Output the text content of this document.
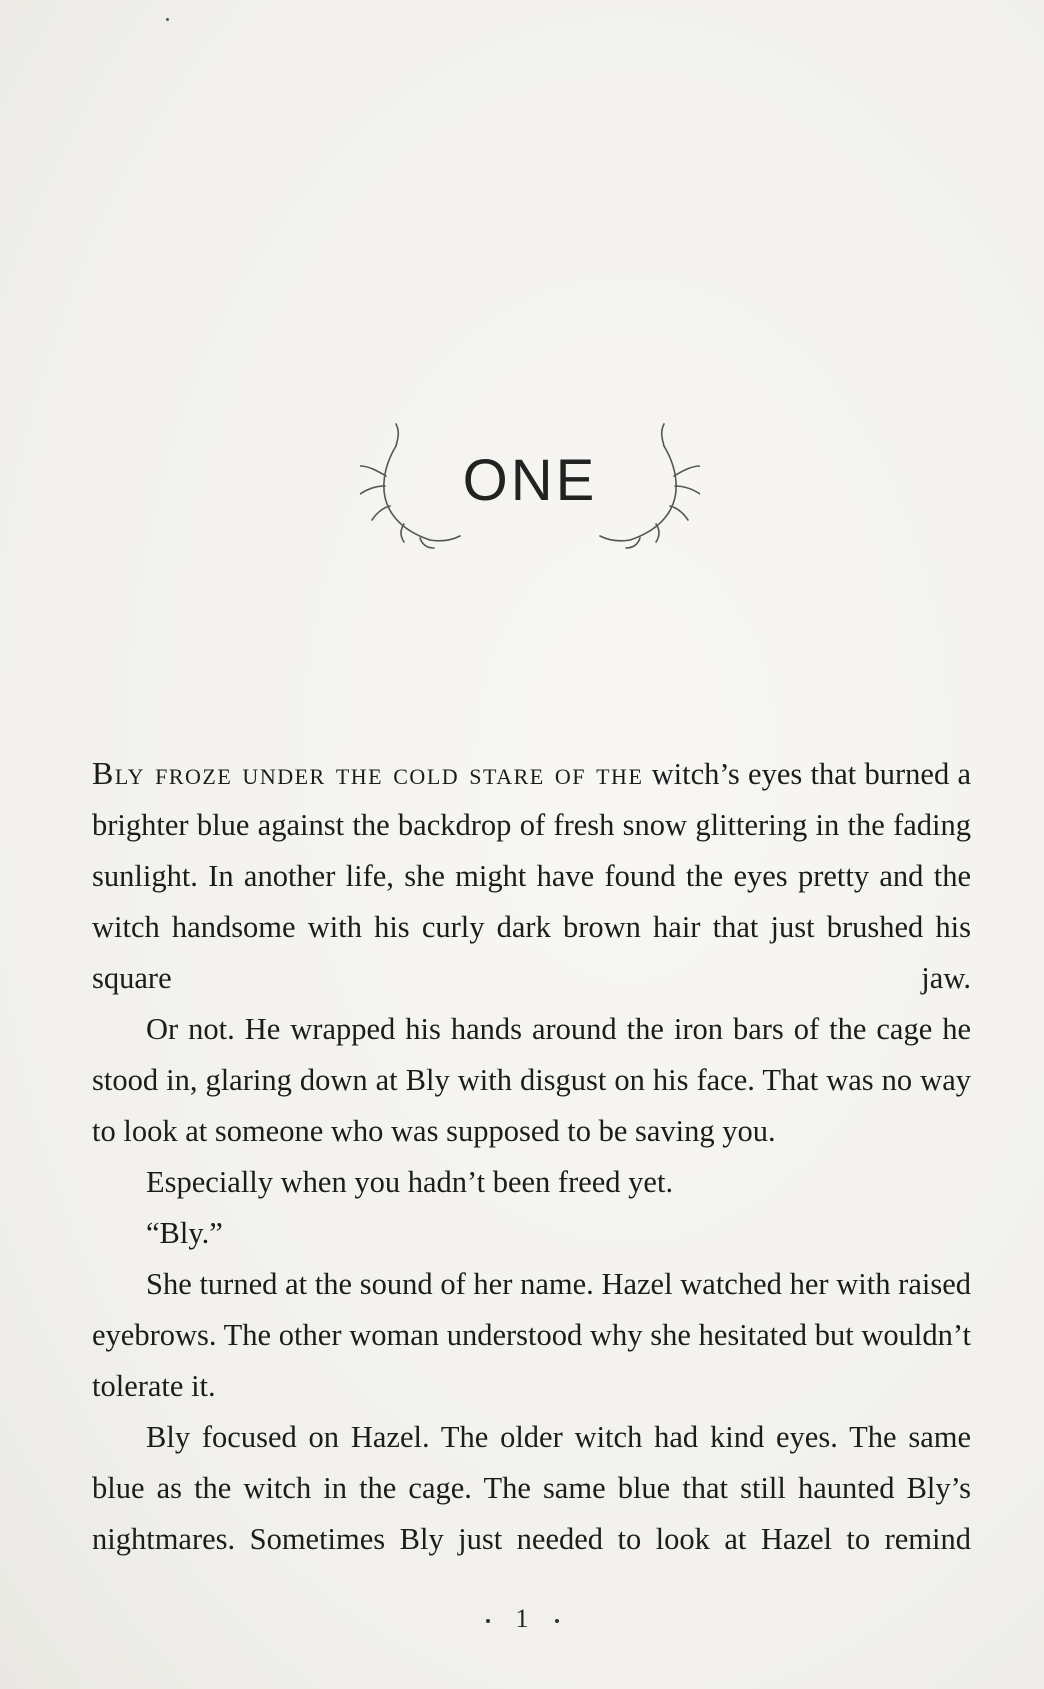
ONE

Bly froze under the cold stare of the witch’s eyes that burned a brighter blue against the backdrop of fresh snow glittering in the fading sunlight. In another life, she might have found the eyes pretty and the witch handsome with his curly dark brown hair that just brushed his square jaw.

Or not. He wrapped his hands around the iron bars of the cage he stood in, glaring down at Bly with disgust on his face. That was no way to look at someone who was supposed to be saving you.

Especially when you hadn’t been freed yet.

“Bly.”

She turned at the sound of her name. Hazel watched her with raised eyebrows. The other woman understood why she hesitated but wouldn’t tolerate it.

Bly focused on Hazel. The older witch had kind eyes. The same blue as the witch in the cage. The same blue that still haunted Bly’s nightmares. Sometimes Bly just needed to look at Hazel to remind

1
